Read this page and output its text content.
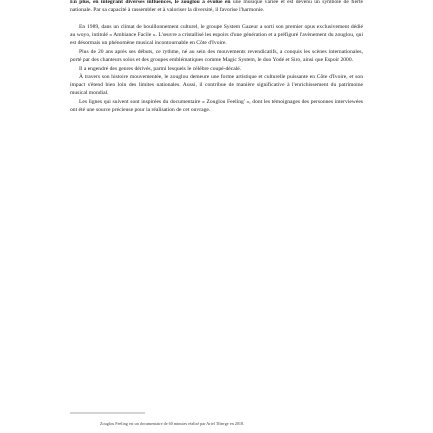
En plus, en intégrant diverses influences, le zouglou a évolué en une musique variée et est devenu un symbole de fierté nationale. Par sa capacité à rassembler et à valoriser la diversité, il favorise l'harmonie.

En 1989, dans un climat de bouillonnement culturel, le groupe System Gazeur a sorti son premier opus exclusivement dédié au woyo, intitulé « Ambiance Facile ». L'œuvre a cristallisé les espoirs d'une génération et a préfiguré l'avènement du zouglou, qui est désormais un phénomène musical incontournable en Côte d'Ivoire.

Plus de 20 ans après ses débuts, ce rythme, né au sein des mouvements revendicatifs, a conquis les scènes internationales, porté par des chanteurs solos et des groupes emblématiques comme Magic System, le duo Yodé et Siro, ainsi que Espoir 2000.

Il a engendré des genres dérivés, parmi lesquels le célèbre coupé-décalé.

À travers son histoire mouvementée, le zouglou demeure une forme artistique et culturelle puissante en Côte d'Ivoire, et son impact s'étend bien loin des limites nationales. Aussi, il contribue de manière significative à l'enrichissement du patrimoine musical mondial.

Les lignes qui suivent sont inspirées du documentaire « Zouglou Feeling' », dont les témoignages des personnes interviewées ont été une source précieuse pour la réalisation de cet ouvrage.

Zouglou Feeling est un documentaire de 60 minutes réalisé par Ariel Tiberge en 2018.
